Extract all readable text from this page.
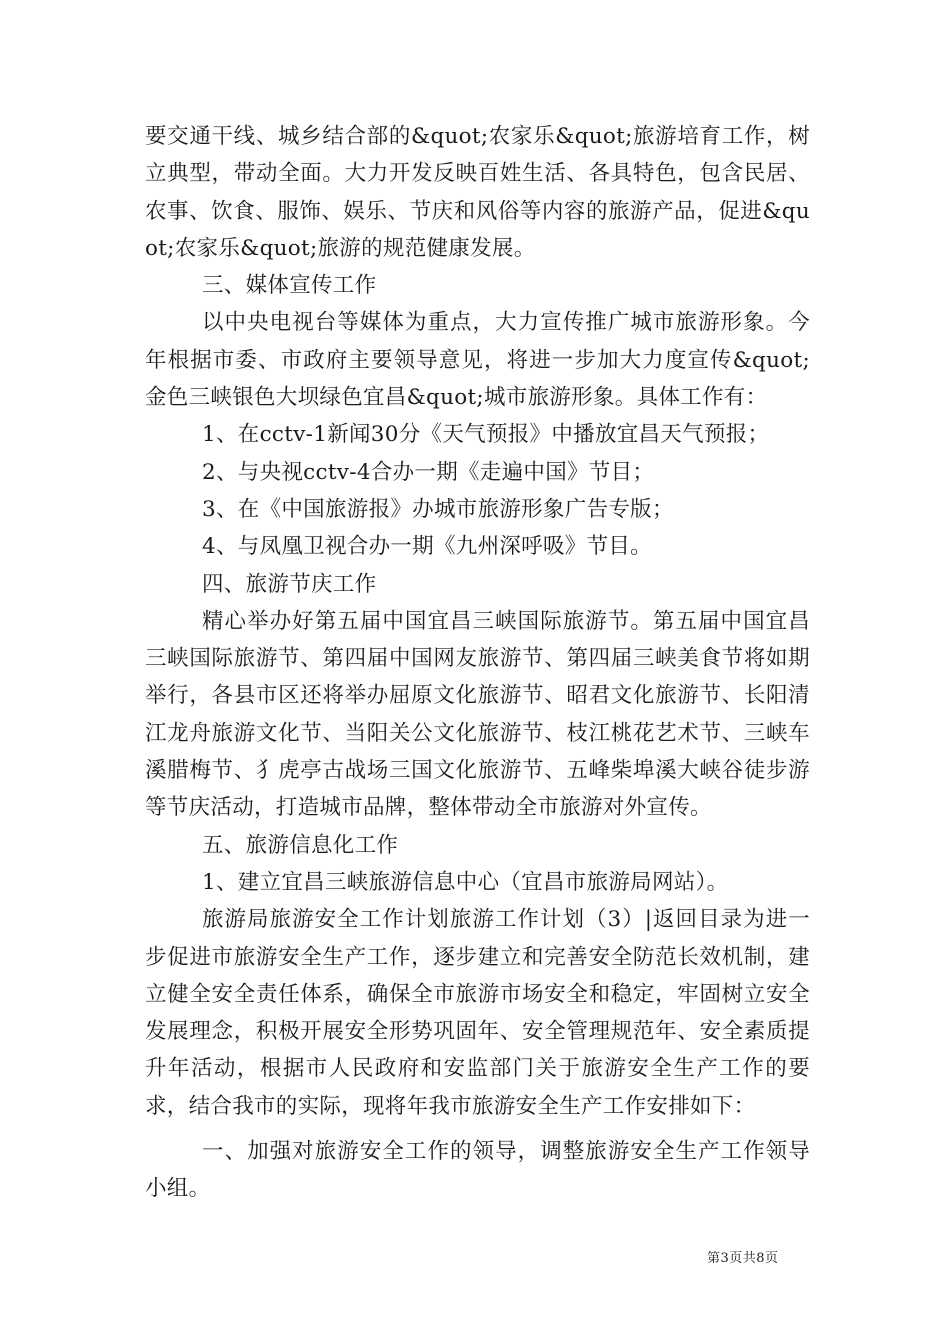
要交通干线、城乡结合部的&quot;农家乐&quot;旅游培育工作，树立典型，带动全面。大力开发反映百姓生活、各具特色，包含民居、农事、饮食、服饰、娱乐、节庆和风俗等内容的旅游产品，促进&quot;农家乐&quot;旅游的规范健康发展。

三、媒体宣传工作

以中央电视台等媒体为重点，大力宣传推广城市旅游形象。今年根据市委、市政府主要领导意见，将进一步加大力度宣传&quot;金色三峡银色大坝绿色宜昌&quot;城市旅游形象。具体工作有：

1、在cctv-1新闻30分《天气预报》中播放宜昌天气预报；

2、与央视cctv-4合办一期《走遍中国》节目；

3、在《中国旅游报》办城市旅游形象广告专版；

4、与凤凰卫视合办一期《九州深呼吸》节目。

四、旅游节庆工作

精心举办好第五届中国宜昌三峡国际旅游节。第五届中国宜昌三峡国际旅游节、第四届中国网友旅游节、第四届三峡美食节将如期举行，各县市区还将举办屈原文化旅游节、昭君文化旅游节、长阳清江龙舟旅游文化节、当阳关公文化旅游节、枝江桃花艺术节、三峡车溪腊梅节、犭虎亭古战场三国文化旅游节、五峰柴埠溪大峡谷徒步游等节庆活动，打造城市品牌，整体带动全市旅游对外宣传。

五、旅游信息化工作

1、建立宜昌三峡旅游信息中心（宜昌市旅游局网站）。

旅游局旅游安全工作计划旅游工作计划（3）|返回目录为进一步促进市旅游安全生产工作，逐步建立和完善安全防范长效机制，建立健全安全责任体系，确保全市旅游市场安全和稳定，牢固树立安全发展理念，积极开展安全形势巩固年、安全管理规范年、安全素质提升年活动，根据市人民政府和安监部门关于旅游安全生产工作的要求，结合我市的实际，现将年我市旅游安全生产工作安排如下：

一、加强对旅游安全工作的领导，调整旅游安全生产工作领导小组。

第3页共8页
